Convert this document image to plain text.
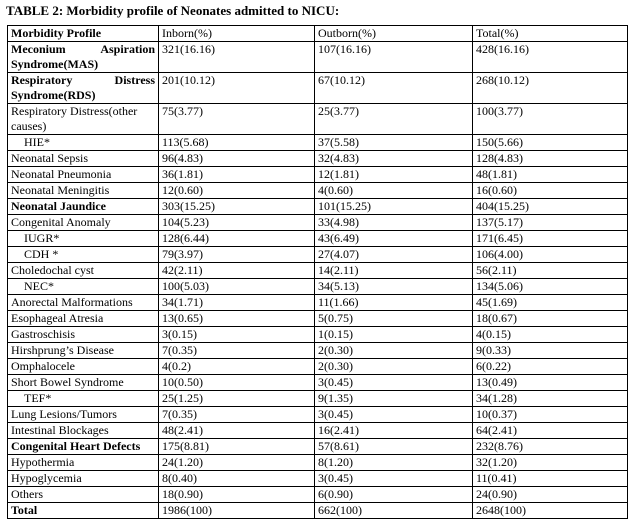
TABLE 2: Morbidity profile of Neonates admitted to NICU:
Morbidity Profile	Inborn(%)	Outborn(%)	Total(%)

Meconium Aspiration
Syndrome(MAS)	321(16.16)	107(16.16)	428(16.16)

Respiratory Distress
Syndrome(RDS)	201(10.12)	67(10.12)	268(10.12)

Respiratory Distress(other
causes)	75(3.77)	25(3.77)	100(3.77)
HIE*	113(5.68)	37(5.58)	150(5.66)
Neonatal Sepsis	96(4.83)	32(4.83)	128(4.83)
Neonatal Pneumonia	36(1.81)	12(1.81)	48(1.81)
Neonatal Meningitis	12(0.60)	4(0.60)	16(0.60)
Neonatal Jaundice	303(15.25)	101(15.25)	404(15.25)
Congenital Anomaly	104(5.23)	33(4.98)	137(5.17)
IUGR*	128(6.44)	43(6.49)	171(6.45)
CDH *	79(3.97)	27(4.07)	106(4.00)
Choledochal cyst	42(2.11)	14(2.11)	56(2.11)
NEC*	100(5.03)	34(5.13)	134(5.06)
Anorectal Malformations	34(1.71)	11(1.66)	45(1.69)
Esophageal Atresia	13(0.65)	5(0.75)	18(0.67)
Gastroschisis	3(0.15)	1(0.15)	4(0.15)
Hirshprung’s Disease	7(0.35)	2(0.30)	9(0.33)
Omphalocele	4(0.2)	2(0.30)	6(0.22)
Short Bowel Syndrome	10(0.50)	3(0.45)	13(0.49)
TEF*	25(1.25)	9(1.35)	34(1.28)
Lung Lesions/Tumors	7(0.35)	3(0.45)	10(0.37)
Intestinal Blockages	48(2.41)	16(2.41)	64(2.41)
Congenital Heart Defects	175(8.81)	57(8.61)	232(8.76)
Hypothermia	24(1.20)	8(1.20)	32(1.20)
Hypoglycemia	8(0.40)	3(0.45)	11(0.41)
Others	18(0.90)	6(0.90)	24(0.90)
Total	1986(100)	662(100)	2648(100)
